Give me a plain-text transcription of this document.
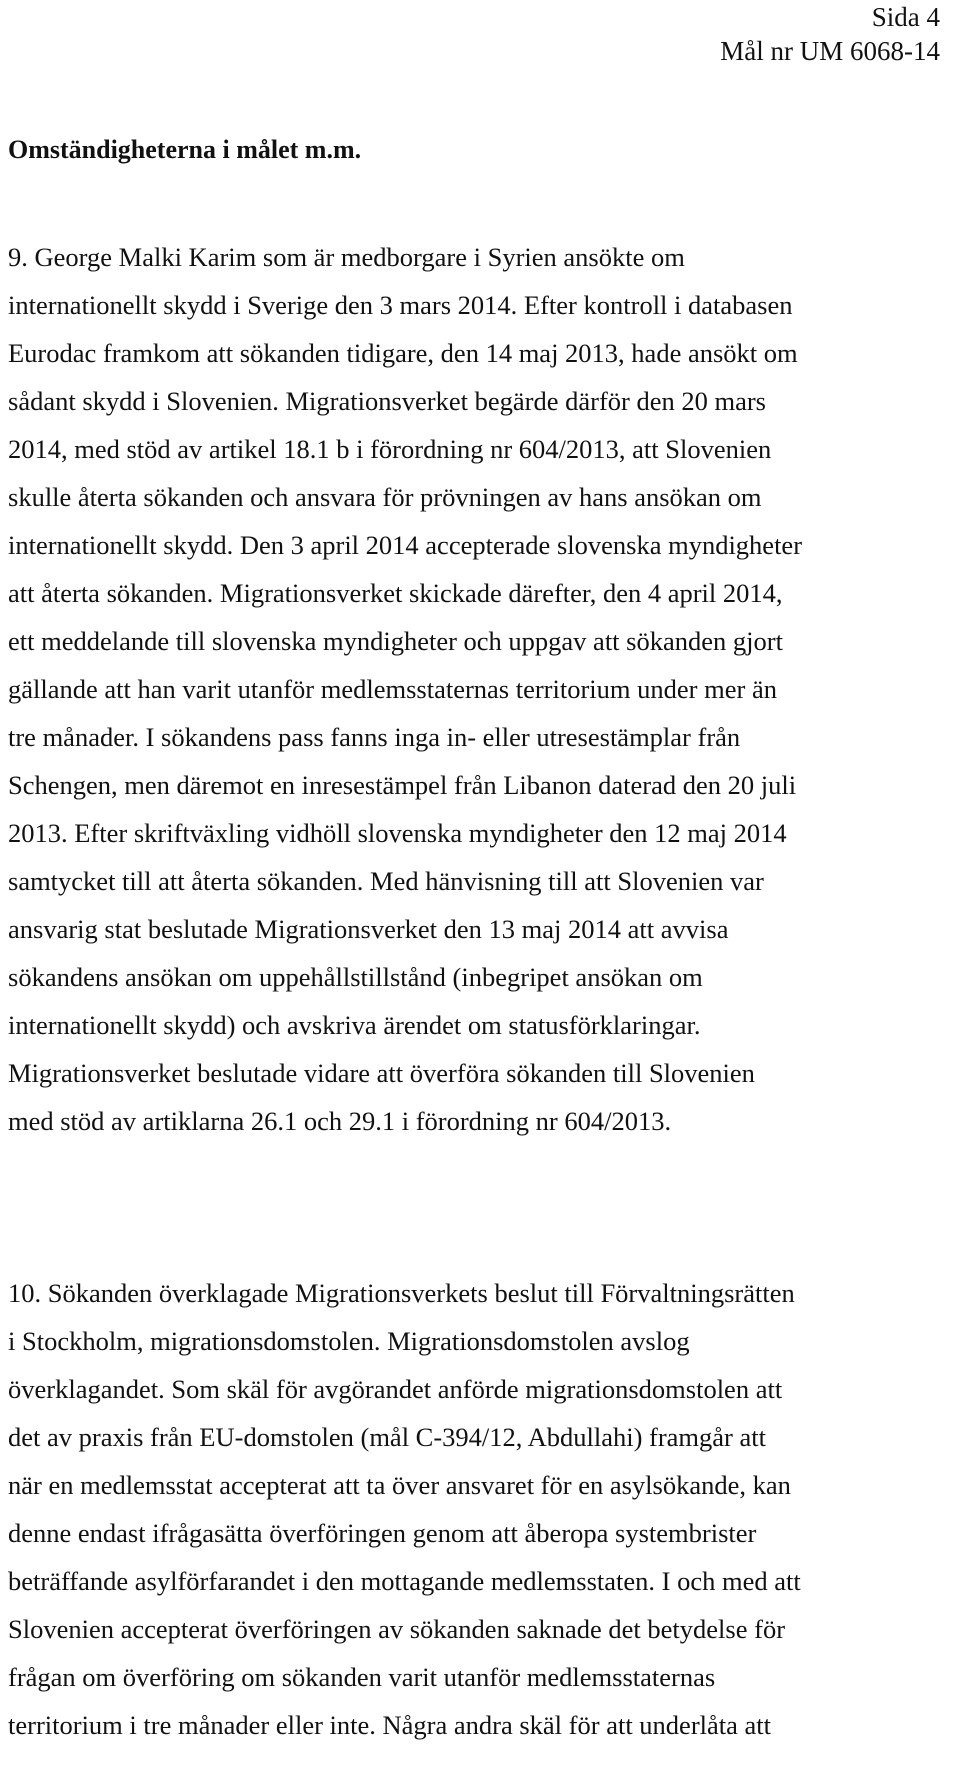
Sida 4
Mål nr UM 6068-14
Omständigheterna i målet m.m.
9. George Malki Karim som är medborgare i Syrien ansökte om
internationellt skydd i Sverige den 3 mars 2014. Efter kontroll i databasen
Eurodac framkom att sökanden tidigare, den 14 maj 2013, hade ansökt om
sådant skydd i Slovenien. Migrationsverket begärde därför den 20 mars
2014, med stöd av artikel 18.1 b i förordning nr 604/2013, att Slovenien
skulle återta sökanden och ansvara för prövningen av hans ansökan om
internationellt skydd. Den 3 april 2014 accepterade slovenska myndigheter
att återta sökanden. Migrationsverket skickade därefter, den 4 april 2014,
ett meddelande till slovenska myndigheter och uppgav att sökanden gjort
gällande att han varit utanför medlemsstaternas territorium under mer än
tre månader. I sökandens pass fanns inga in- eller utresestämplar från
Schengen, men däremot en inresestämpel från Libanon daterad den 20 juli
2013. Efter skriftväxling vidhöll slovenska myndigheter den 12 maj 2014
samtycket till att återta sökanden. Med hänvisning till att Slovenien var
ansvarig stat beslutade Migrationsverket den 13 maj 2014 att avvisa
sökandens ansökan om uppehållstillstånd (inbegripet ansökan om
internationellt skydd) och avskriva ärendet om statusförklaringar.
Migrationsverket beslutade vidare att överföra sökanden till Slovenien
med stöd av artiklarna 26.1 och 29.1 i förordning nr 604/2013.
10. Sökanden överklagade Migrationsverkets beslut till Förvaltningsrätten
i Stockholm, migrationsdomstolen. Migrationsdomstolen avslog
överklagandet. Som skäl för avgörandet anförde migrationsdomstolen att
det av praxis från EU-domstolen (mål C-394/12, Abdullahi) framgår att
när en medlemsstat accepterat att ta över ansvaret för en asylsökande, kan
denne endast ifrågasätta överföringen genom att åberopa systembrister
beträffande asylförfarandet i den mottagande medlemsstaten. I och med att
Slovenien accepterat överföringen av sökanden saknade det betydelse för
frågan om överföring om sökanden varit utanför medlemsstaternas
territorium i tre månader eller inte. Några andra skäl för att underlåta att
